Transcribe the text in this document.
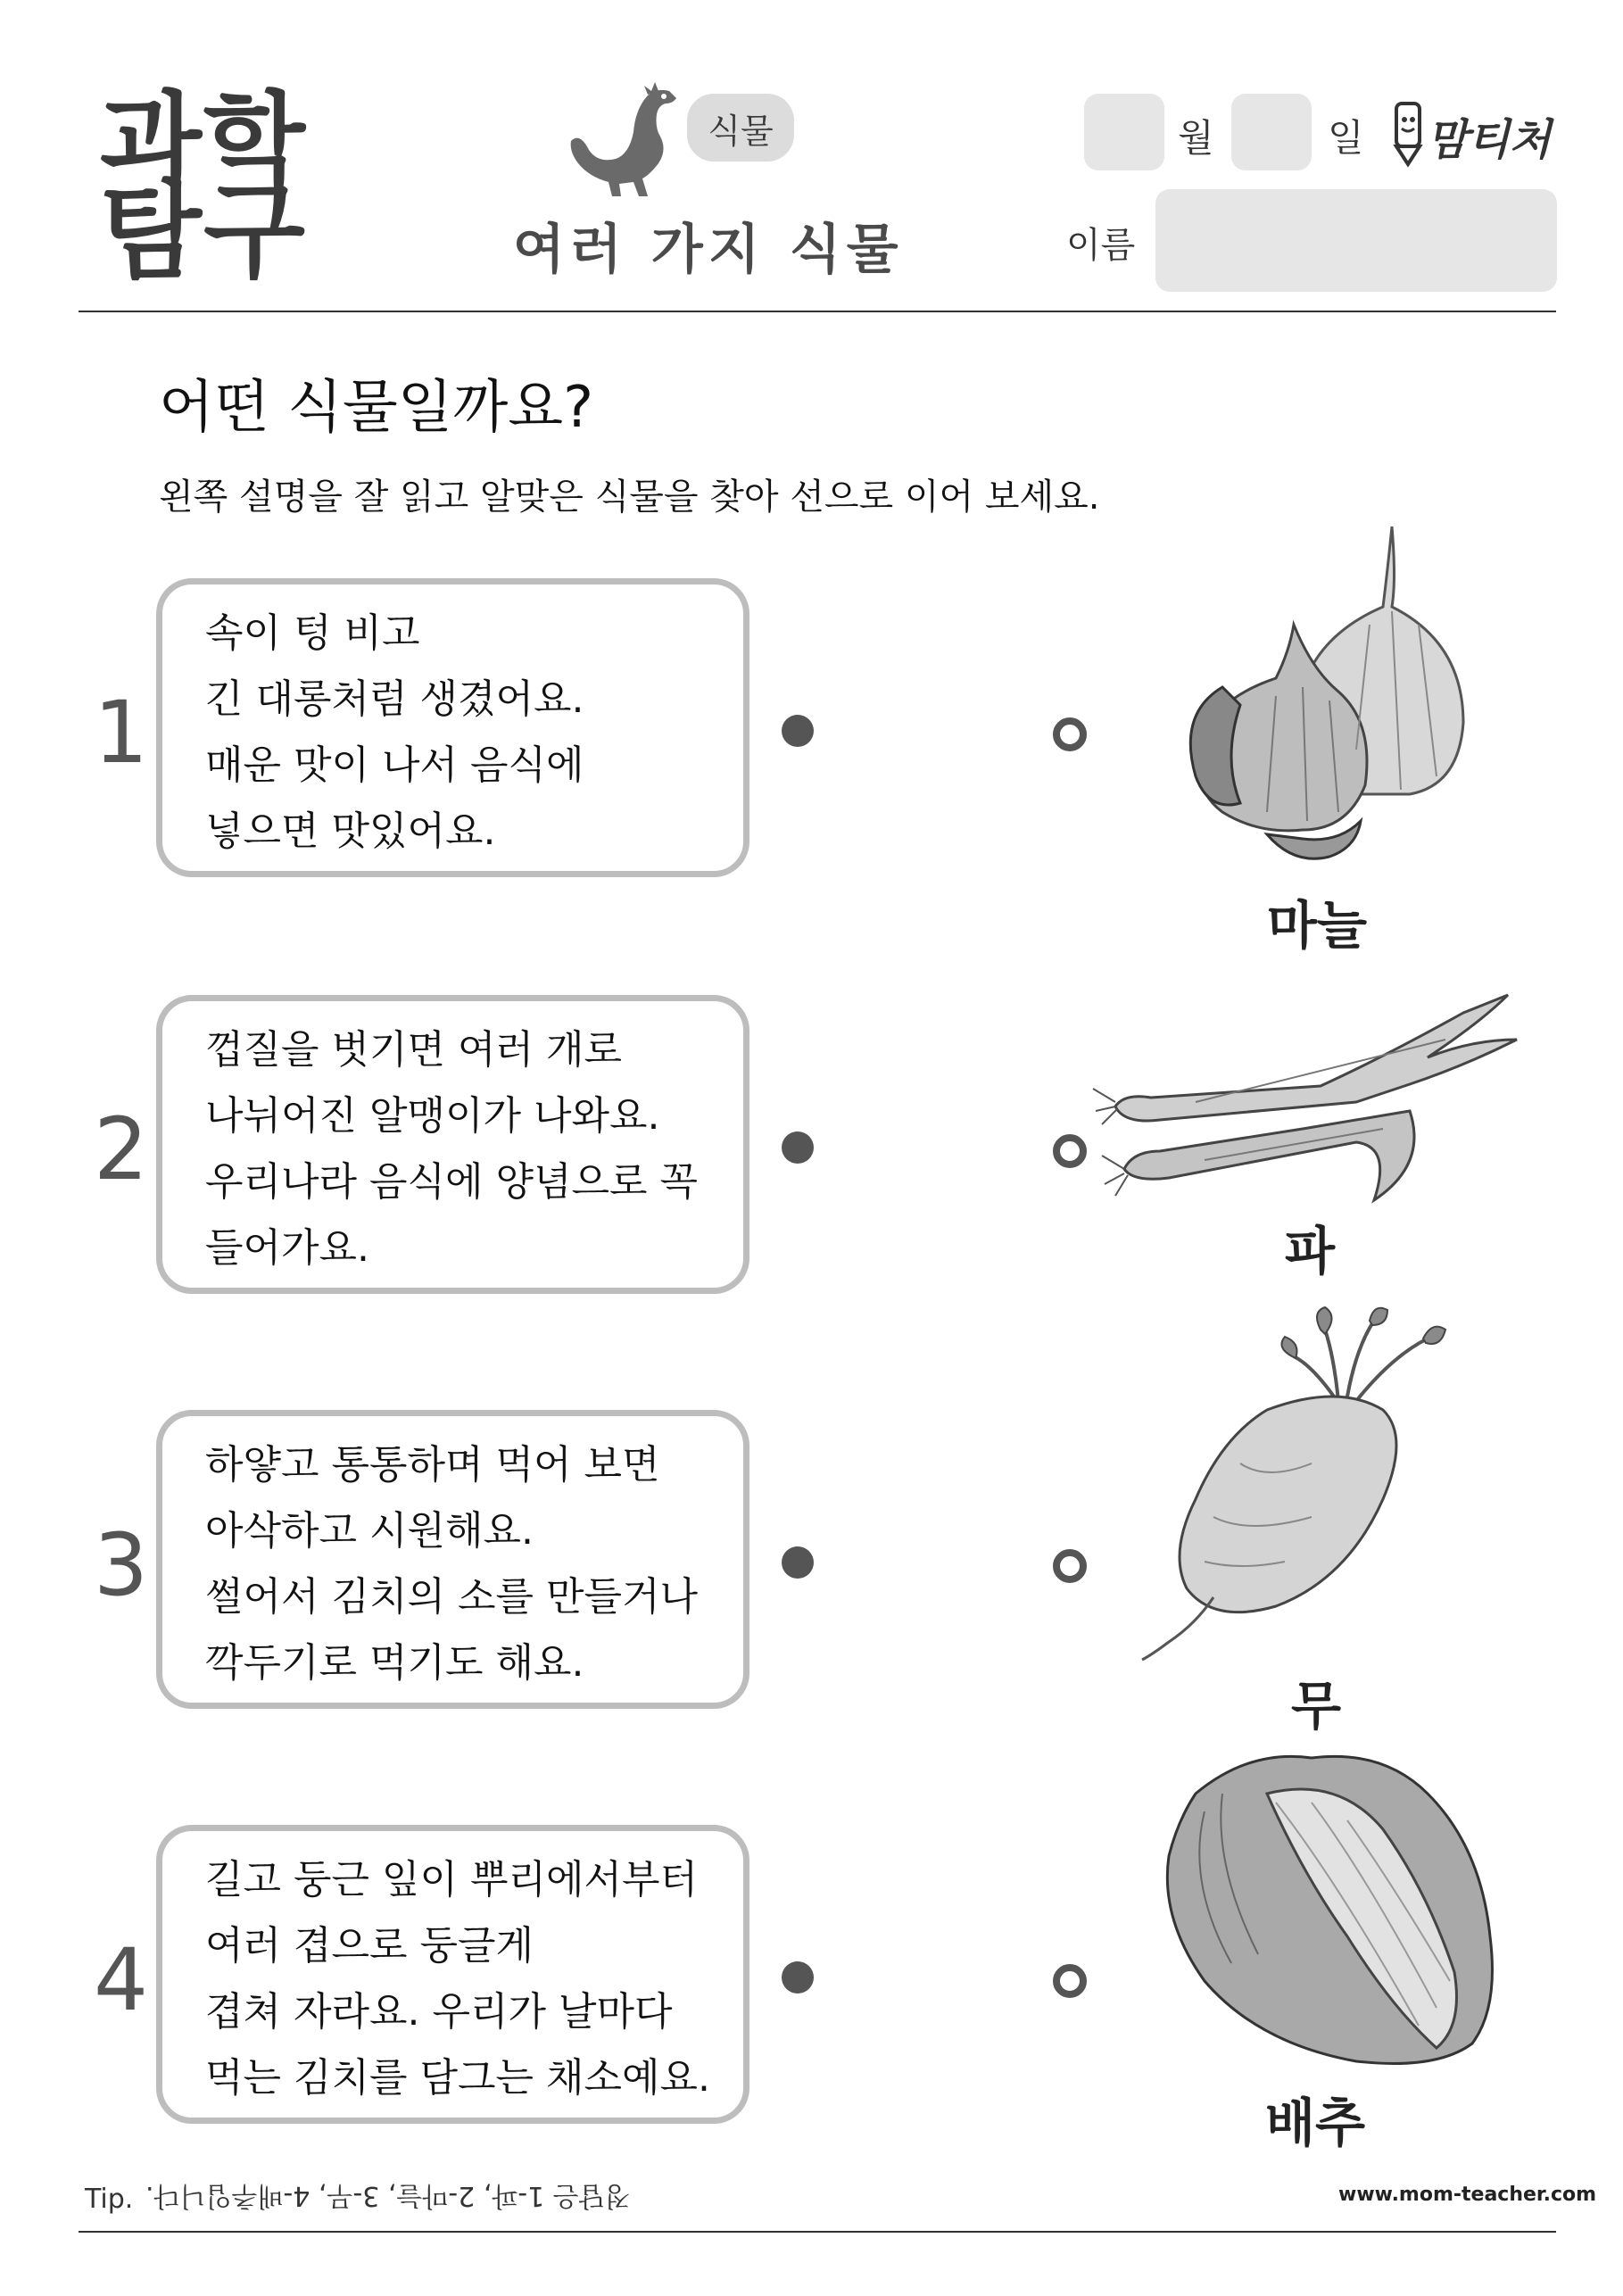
과학
탐구
식물
여러 가지 식물
월	일 맘티처
이름
어떤 식물일까요?
왼쪽 설명을 잘 읽고 알맞은 식물을 찾아 선으로 이어 보세요.
1
속이 텅 비고
긴 대롱처럼 생겼어요.
매운 맛이 나서 음식에
넣으면 맛있어요.
마늘
2
껍질을 벗기면 여러 개로
나뉘어진 알맹이가 나와요.
우리나라 음식에 양념으로 꼭
들어가요.	파
3
하얗고 통통하며 먹어 보면
아삭하고 시원해요.
썰어서 김치의 소를 만들거나
깍두기로 먹기도 해요.
무
4
길고 둥근 잎이 뿌리에서부터
여러 겹으로 둥글게
겹쳐 자라요. 우리가 날마다
먹는 김치를 담그는 채소예요.
배추
Tip. 정답은 1-파, 2-마늘, 3-무, 4-배추입니다.	www.mom-teacher.com
